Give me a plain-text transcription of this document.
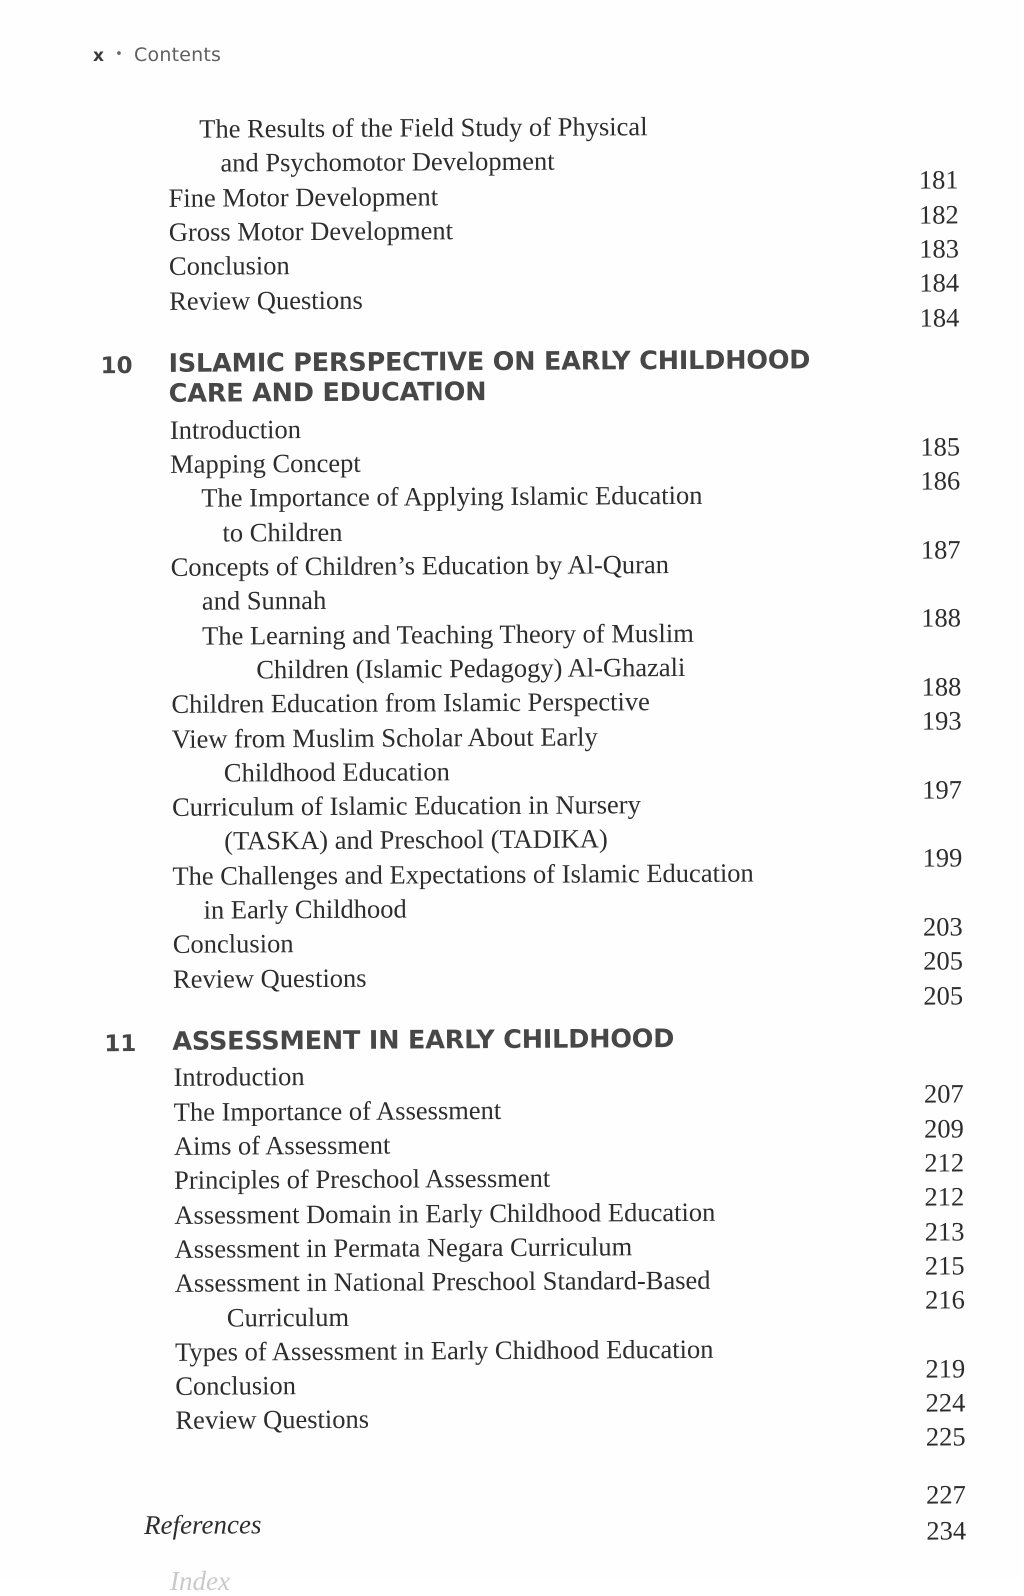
x • Contents
The Results of the Field Study of Physical
and Psychomotor Development
181
Fine Motor Development
182
Gross Motor Development
183
Conclusion
184
Review Questions
184
10 ISLAMIC PERSPECTIVE ON EARLY CHILDHOOD
CARE AND EDUCATION
Introduction
185
Mapping Concept
186
The Importance of Applying Islamic Education
to Children
187
Concepts of Children’s Education by Al-Quran
and Sunnah
188
The Learning and Teaching Theory of Muslim
Children (Islamic Pedagogy) Al-Ghazali
188
Children Education from Islamic Perspective
193
View from Muslim Scholar About Early
Childhood Education
197
Curriculum of Islamic Education in Nursery
(TASKA) and Preschool (TADIKA)
199
The Challenges and Expectations of Islamic Education
in Early Childhood
203
Conclusion
205
Review Questions
205
11 ASSESSMENT IN EARLY CHILDHOOD
Introduction
207
The Importance of Assessment
209
Aims of Assessment
212
Principles of Preschool Assessment
212
Assessment Domain in Early Childhood Education
213
Assessment in Permata Negara Curriculum
215
Assessment in National Preschool Standard-Based
216
Curriculum
Types of Assessment in Early Chidhood Education
219
Conclusion
224
Review Questions
225
References
227
234
Index
